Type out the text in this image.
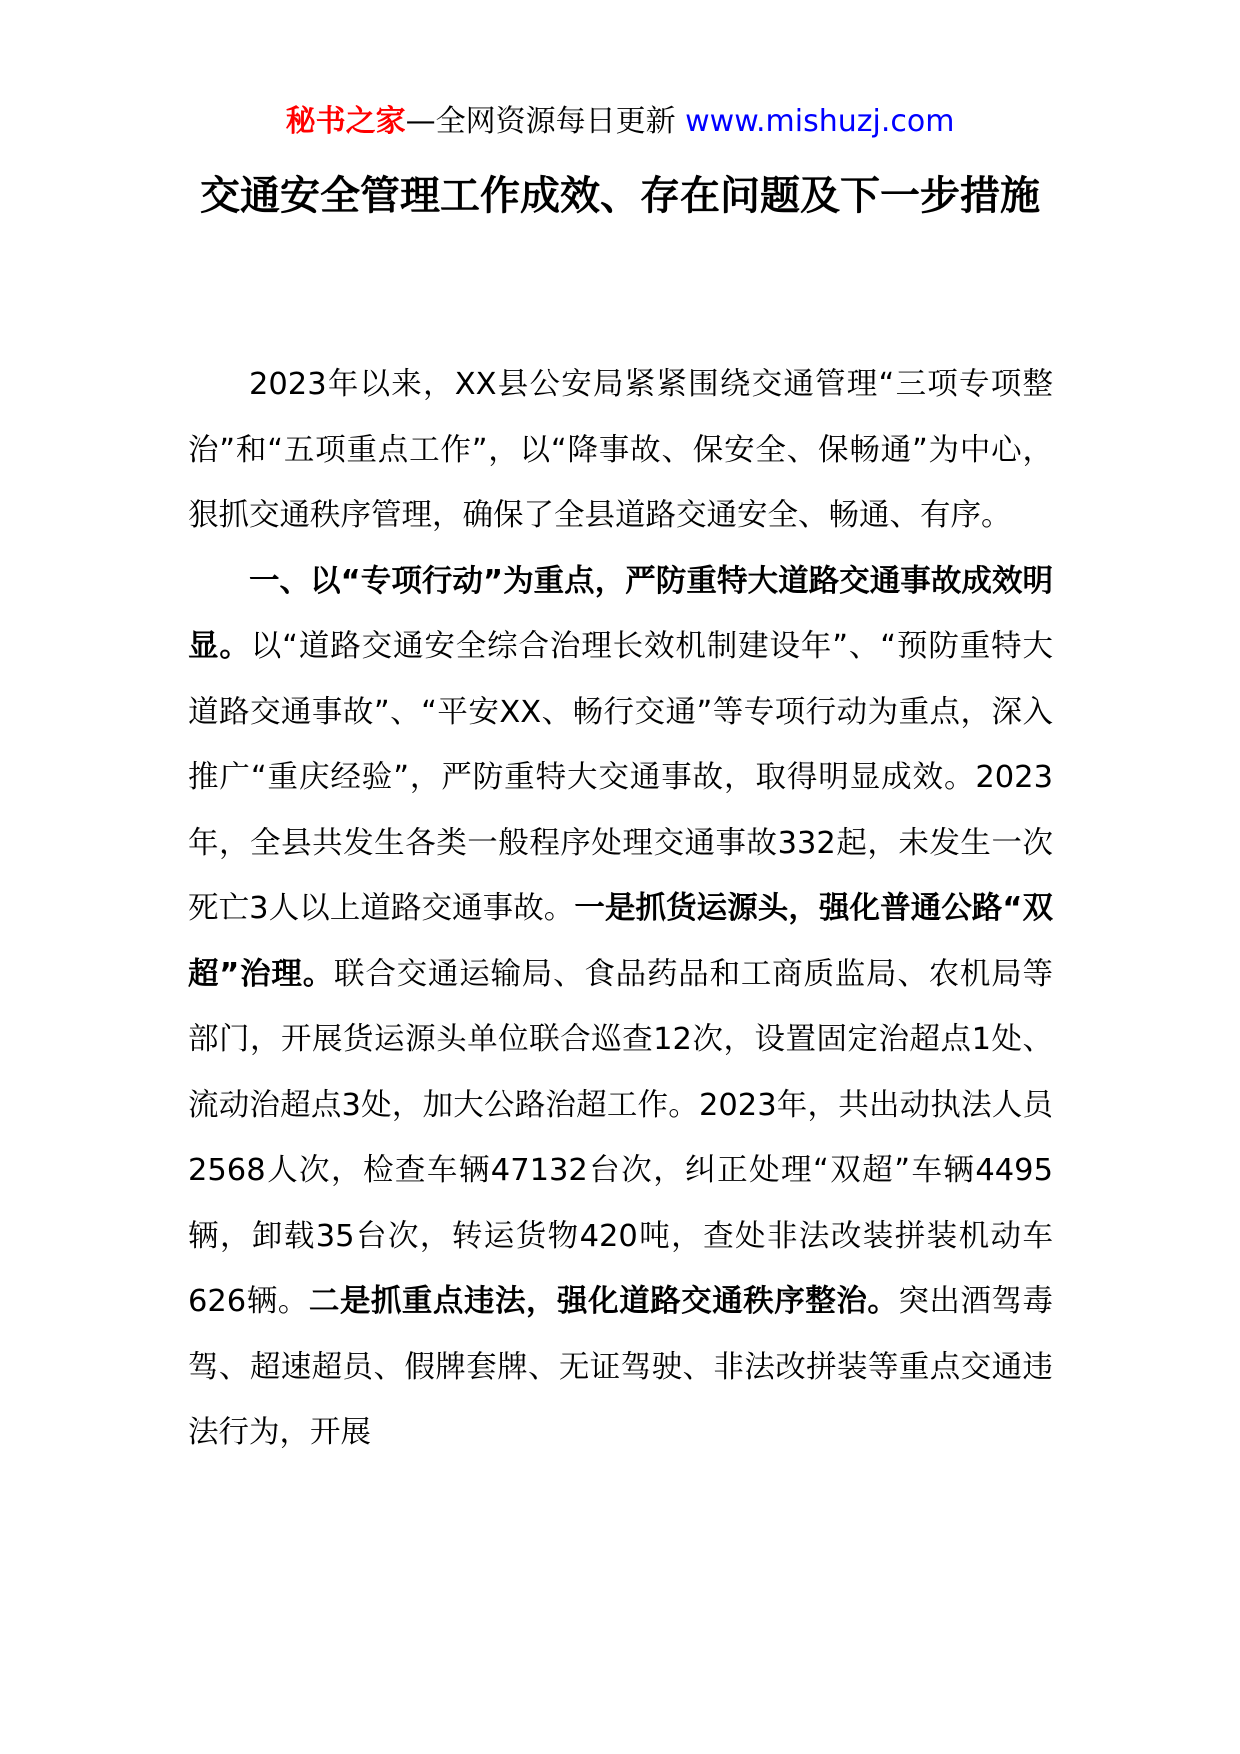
秘书之家—全网资源每日更新 www.mishuzj.com
交通安全管理工作成效、存在问题及下一步措施

2023年以来，XX县公安局紧紧围绕交通管理“三项专项整治”和“五项重点工作”，以“降事故、保安全、保畅通”为中心，狠抓交通秩序管理，确保了全县道路交通安全、畅通、有序。

一、以“专项行动”为重点，严防重特大道路交通事故成效明显。以“道路交通安全综合治理长效机制建设年”、“预防重特大道路交通事故”、“平安XX、畅行交通”等专项行动为重点，深入推广“重庆经验”，严防重特大交通事故，取得明显成效。2023年，全县共发生各类一般程序处理交通事故332起，未发生一次死亡3人以上道路交通事故。一是抓货运源头，强化普通公路“双超”治理。联合交通运输局、食品药品和工商质监局、农机局等部门，开展货运源头单位联合巡查12次，设置固定治超点1处、流动治超点3处，加大公路治超工作。2023年，共出动执法人员2568人次，检查车辆47132台次，纠正处理“双超”车辆4495辆，卸载35台次，转运货物420吨，查处非法改装拼装机动车626辆。二是抓重点违法，强化道路交通秩序整治。突出酒驾毒驾、超速超员、假牌套牌、无证驾驶、非法改拼装等重点交通违法行为，开展
